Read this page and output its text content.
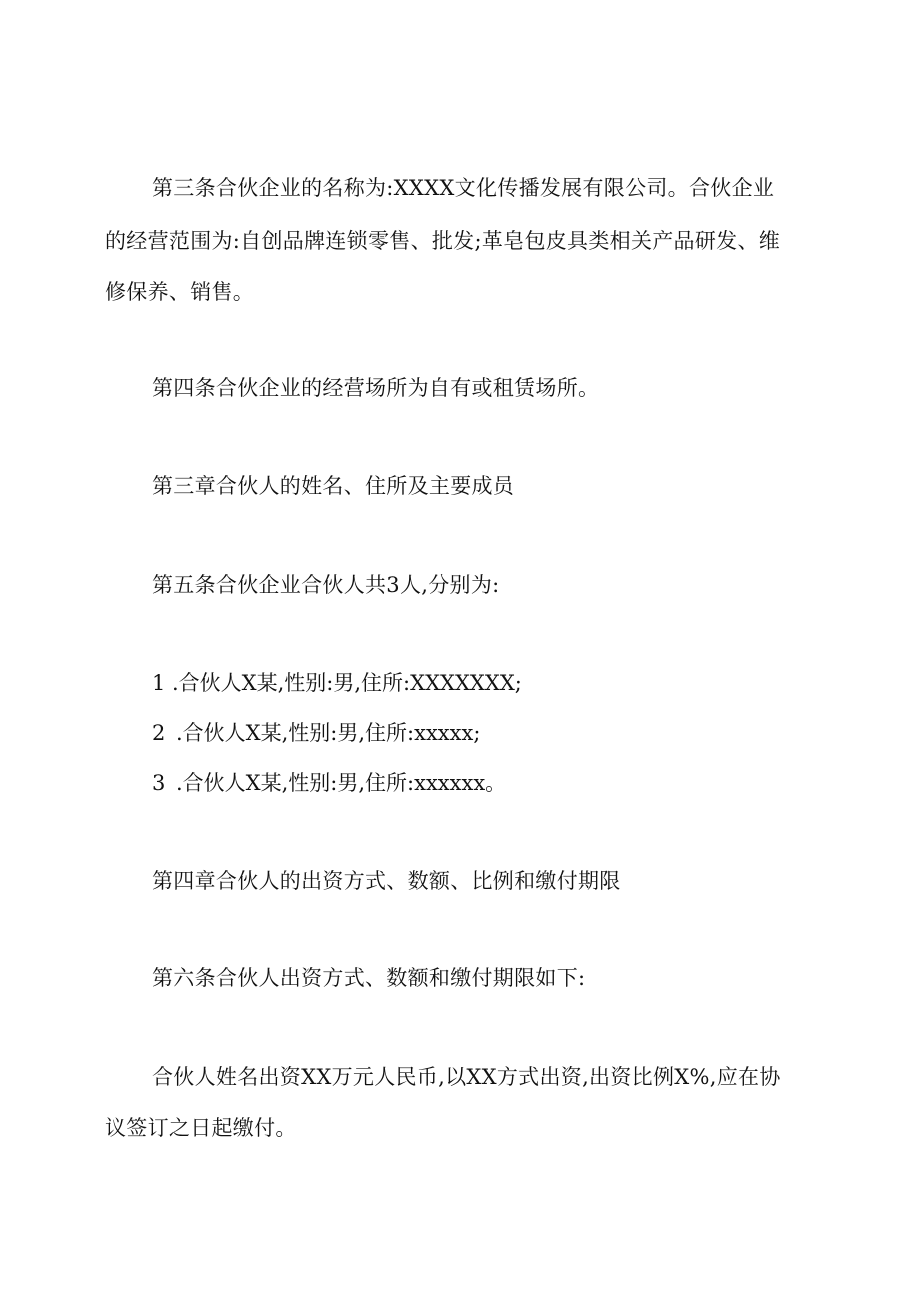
第三条合伙企业的名称为:XXXX文化传播发展有限公司。合伙企业
的经营范围为:自创品牌连锁零售、批发;革皂包皮具类相关产品研发、维
修保养、销售。
第四条合伙企业的经营场所为自有或租赁场所。
第三章合伙人的姓名、住所及主要成员
第五条合伙企业合伙人共3人,分别为:
1 .合伙人X某,性别:男,住所:XXXXXXX;
2 .合伙人X某,性别:男,住所:xxxxx;
3 .合伙人X某,性别:男,住所:xxxxxx。
第四章合伙人的出资方式、数额、比例和缴付期限
第六条合伙人出资方式、数额和缴付期限如下:
合伙人姓名出资XX万元人民币,以XX方式出资,出资比例X%,应在协
议签订之日起缴付。
